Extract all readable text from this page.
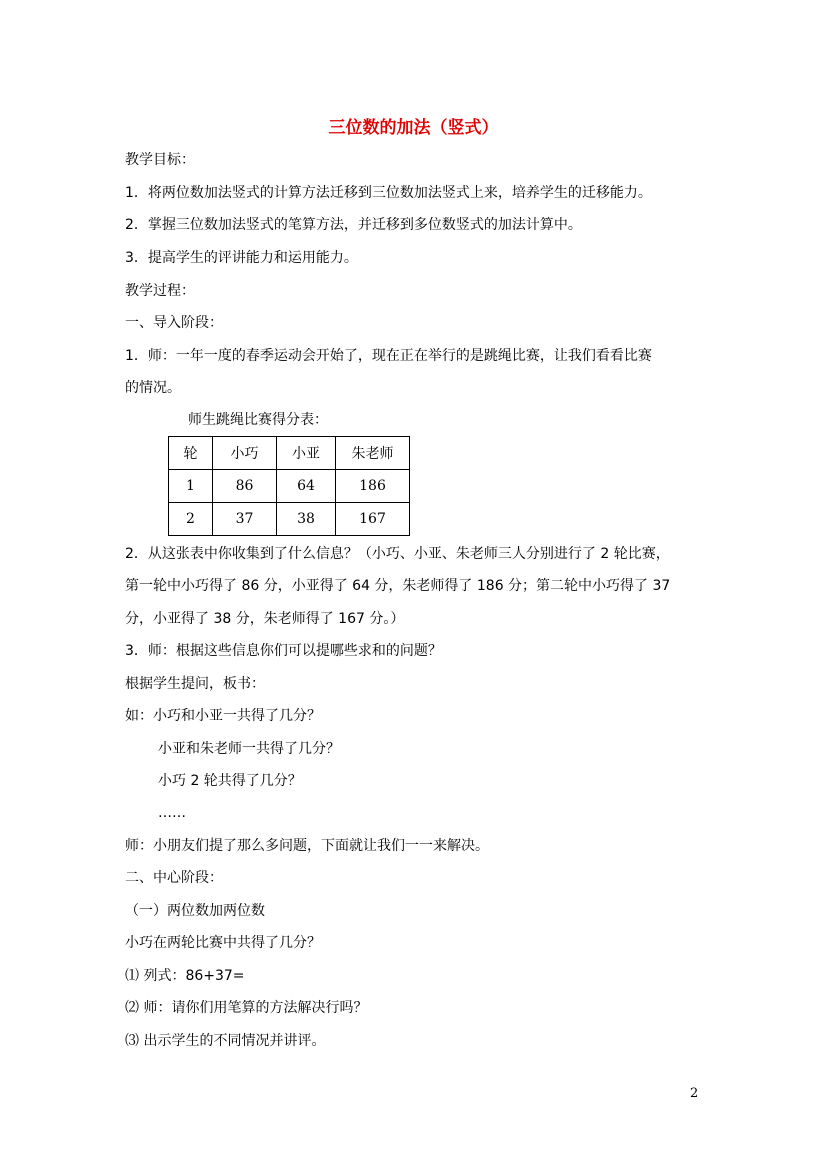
三位数的加法（竖式）
教学目标：
1．将两位数加法竖式的计算方法迁移到三位数加法竖式上来，培养学生的迁移能力。
2．掌握三位数加法竖式的笔算方法，并迁移到多位数竖式的加法计算中。
3．提高学生的评讲能力和运用能力。
教学过程：
一、导入阶段：
1．师：一年一度的春季运动会开始了，现在正在举行的是跳绳比赛，让我们看看比赛
的情况。
师生跳绳比赛得分表：
轮	小巧	小亚	朱老师
1	86	64	186
2	37	38	167
2．从这张表中你收集到了什么信息？（小巧、小亚、朱老师三人分别进行了 2 轮比赛，
第一轮中小巧得了 86 分，小亚得了 64 分，朱老师得了 186 分；第二轮中小巧得了 37
分，小亚得了 38 分，朱老师得了 167 分。）
3．师：根据这些信息你们可以提哪些求和的问题？
根据学生提问，板书：
如：小巧和小亚一共得了几分？
小亚和朱老师一共得了几分？
小巧 2 轮共得了几分？
……
师：小朋友们提了那么多问题，下面就让我们一一来解决。
二、中心阶段：
（一）两位数加两位数
小巧在两轮比赛中共得了几分？
⑴ 列式：86+37=
⑵ 师：请你们用笔算的方法解决行吗？
⑶ 出示学生的不同情况并讲评。
2
